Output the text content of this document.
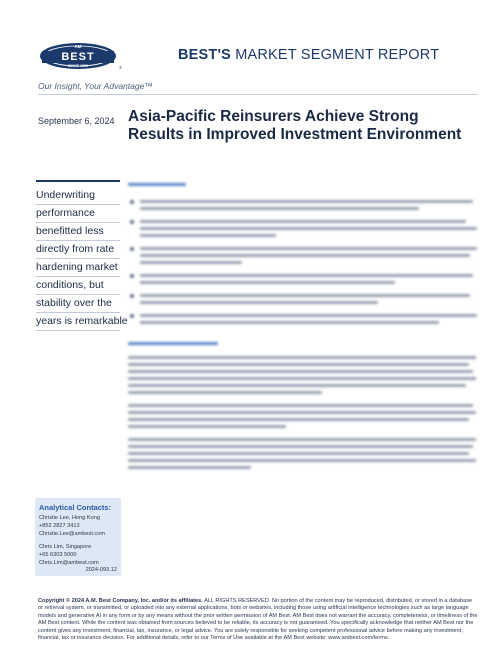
AM
BEST
SINCE 1899	®
BEST'S MARKET SEGMENT REPORT
Our Insight, Your Advantage™
September 6, 2024 Asia-Pacific Reinsurers Achieve Strong Results in Improved Investment Environment
Underwriting
performance
benefitted less
directly from rate
hardening market
conditions, but
stability over the
years is remarkable
Analytical Contacts:
Christie Lee, Hong Kong
+852 2827 3413
Christie.Lee@ambest.com
Chris Lim, Singapore
+65 6303 5000
Chris.Lim@ambest.com
2024-093.12
Copyright © 2024 A.M. Best Company, Inc. and/or its affiliates. ALL RIGHTS RESERVED. No portion of the content may be reproduced, distributed, or stored in a database or retrieval system, or transmitted, or uploaded into any external applications, bots or websites, including those using artificial intelligence technologies such as large language models and generative AI in any form or by any means without the prior written permission of AM Best. AM Best does not warrant the accuracy, completeness, or timeliness of the AM Best content. While the content was obtained from sources believed to be reliable, its accuracy is not guaranteed. You specifically acknowledge that neither AM Best nor the content gives any investment, financial, tax, insurance, or legal advice. You are solely responsible for seeking competent professional advice before making any investment, financial, tax or insurance decision. For additional details, refer to our Terms of Use available at the AM Best website: www.ambest.com/terms.
